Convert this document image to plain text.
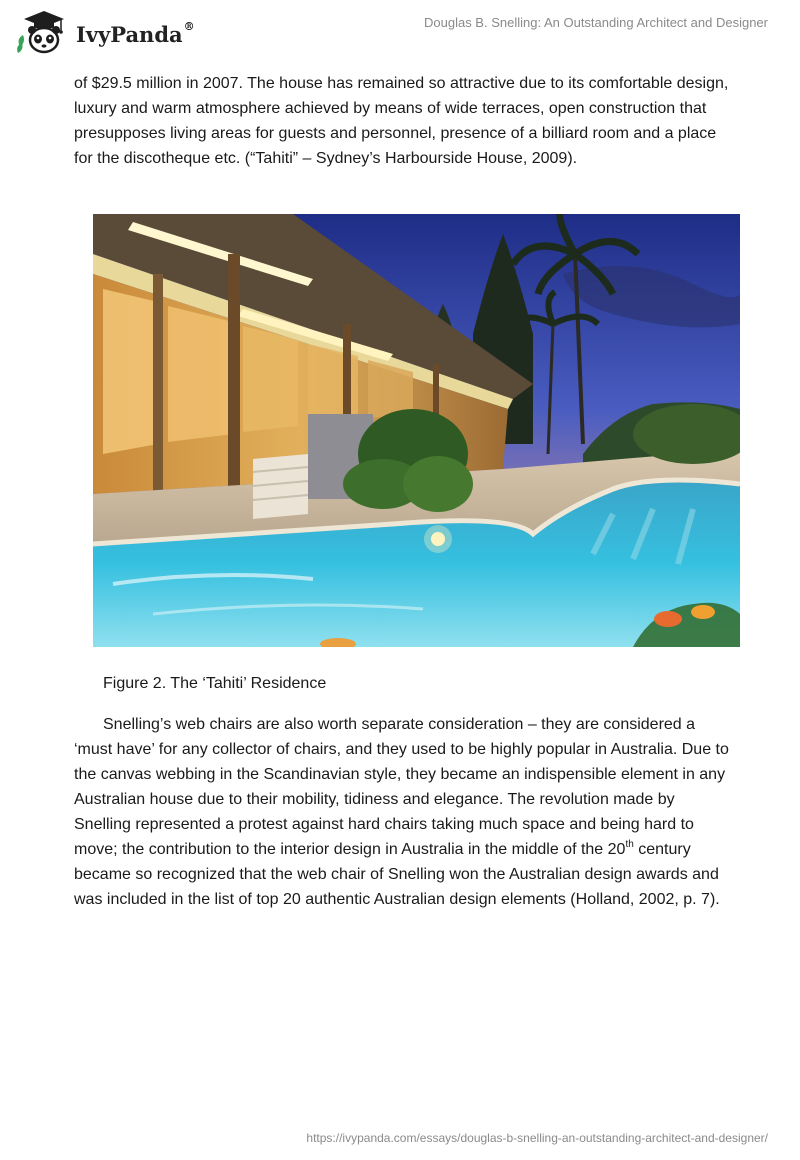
IvyPanda ®	Douglas B. Snelling: An Outstanding Architect and Designer

of $29.5 million in 2007. The house has remained so attractive due to its comfortable design, luxury and warm atmosphere achieved by means of wide terraces, open construction that presupposes living areas for guests and personnel, presence of a billiard room and a place for the discotheque etc. (“Tahiti” – Sydney’s Harbourside House, 2009).

Figure 2. The ‘Tahiti’ Residence

Snelling’s web chairs are also worth separate consideration – they are considered a ‘must have’ for any collector of chairs, and they used to be highly popular in Australia. Due to the canvas webbing in the Scandinavian style, they became an indispensible element in any Australian house due to their mobility, tidiness and elegance. The revolution made by Snelling represented a protest against hard chairs taking much space and being hard to move; the contribution to the interior design in Australia in the middle of the 20th century became so recognized that the web chair of Snelling won the Australian design awards and was included in the list of top 20 authentic Australian design elements (Holland, 2002, p. 7).

https://ivypanda.com/essays/douglas-b-snelling-an-outstanding-architect-and-designer/
